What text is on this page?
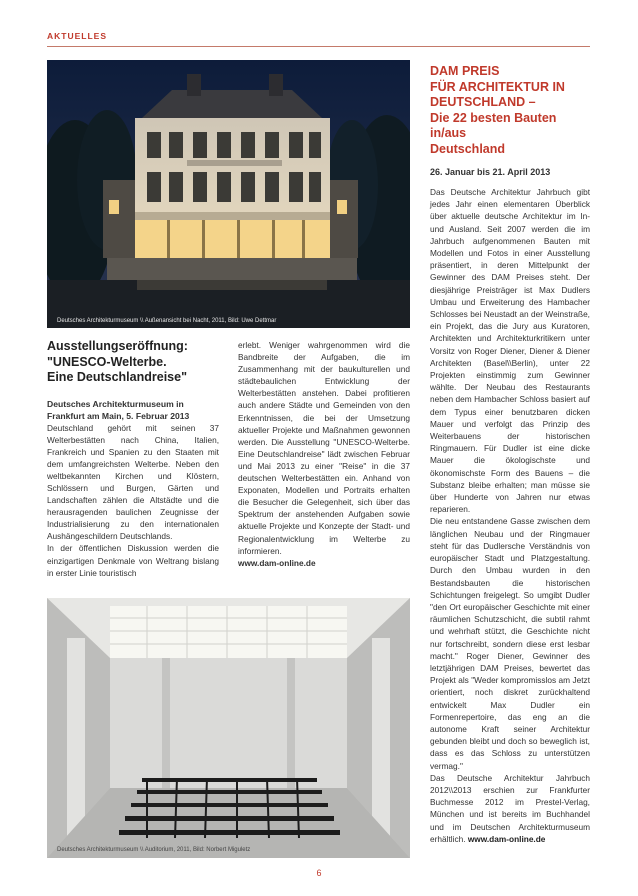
AKTUELLES
Deutsches Architekturmuseum \\ Außenansicht bei Nacht, 2011, Bild: Uwe Dettmar
Ausstellungseröffnung:
"UNESCO-Welterbe.
Eine Deutschlandreise"
Deutsches Architekturmuseum in
Frankfurt am Main, 5. Februar 2013

Deutschland gehört mit seinen 37 Welterbestätten nach China, Italien, Frankreich und Spanien zu den Staaten mit dem umfangreichsten Welterbe. Neben den weltbekannten Kirchen und Klöstern, Schlössern und Burgen, Gärten und Landschaften zählen die Altstädte und die herausragenden baulichen Zeugnisse der Industrialisierung zu den internationalen Aushängeschildern Deutschlands.

In der öffentlichen Diskussion werden die einzigartigen Denkmale von Weltrang bislang in erster Linie touristisch

erlebt. Weniger wahrgenommen wird die Bandbreite der Aufgaben, die im Zusammenhang mit der baukulturellen und städtebaulichen Entwicklung der Welterbestätten anstehen. Dabei profitieren auch andere Städte und Gemeinden von den Erkenntnissen, die bei der Umsetzung aktueller Projekte und Maßnahmen gewonnen werden. Die Ausstellung "UNESCO-Welterbe. Eine Deutschlandreise" lädt zwischen Februar und Mai 2013 zu einer "Reise" in die 37 deutschen Welterbestätten ein. Anhand von Exponaten, Modellen und Portraits erhalten die Besucher die Gelegenheit, sich über das Spektrum der anstehenden Aufgaben sowie aktuelle Projekte und Konzepte der Stadt- und Regionalentwicklung im Welterbe zu informieren.

www.dam-online.de

Deutsches Architekturmuseum \\ Auditorium, 2011, Bild: Norbert Miguletz
DAM PREIS
FÜR ARCHITEKTUR IN
DEUTSCHLAND –
Die 22 besten Bauten in/aus
Deutschland
26. Januar bis 21. April 2013

Das Deutsche Architektur Jahrbuch gibt jedes Jahr einen elementaren Überblick über aktuelle deutsche Architektur im In- und Ausland. Seit 2007 werden die im Jahrbuch aufgenommenen Bauten mit Modellen und Fotos in einer Ausstellung präsentiert, in deren Mittelpunkt der Gewinner des DAM Preises steht. Der diesjährige Preisträger ist Max Dudlers Umbau und Erweiterung des Hambacher Schlosses bei Neustadt an der Weinstraße, ein Projekt, das die Jury aus Kuratoren, Architekten und Architekturkritikern unter Vorsitz von Roger Diener, Diener & Diener Architekten (Basel\\Berlin), unter 22 Projekten einstimmig zum Gewinner wählte. Der Neubau des Restaurants neben dem Hambacher Schloss basiert auf dem Typus einer benutzbaren dicken Mauer und verfolgt das Prinzip des Weiterbauens der historischen Ringmauern. Für Dudler ist eine dicke Mauer die ökologischste und ökonomischste Form des Bauens – die Substanz bleibe erhalten; man müsse sie über Hunderte von Jahren nur etwas reparieren.

Die neu entstandene Gasse zwischen dem länglichen Neubau und der Ringmauer steht für das Dudlersche Verständnis von europäischer Stadt und Platzgestaltung. Durch den Umbau wurden in den Bestandsbauten die historischen Schichtungen freigelegt. So umgibt Dudler "den Ort europäischer Geschichte mit einer räumlichen Schutzschicht, die subtil rahmt und wehrhaft stützt, die Geschichte nicht nur fortschreibt, sondern diese erst lesbar macht." Roger Diener, Gewinner des letztjährigen DAM Preises, bewertet das Projekt als "Weder kompromisslos am Jetzt orientiert, noch diskret zurückhaltend entwickelt Max Dudler ein Formenrepertoire, das eng an die autonome Kraft seiner Architektur gebunden bleibt und doch so beweglich ist, dass es das Schloss zu unterstützen vermag."

Das Deutsche Architektur Jahrbuch 2012\\2013 erschien zur Frankfurter Buchmesse 2012 im Prestel-Verlag, München und ist bereits im Buchhandel und im Deutschen Architekturmuseum erhältlich. www.dam-online.de

6
